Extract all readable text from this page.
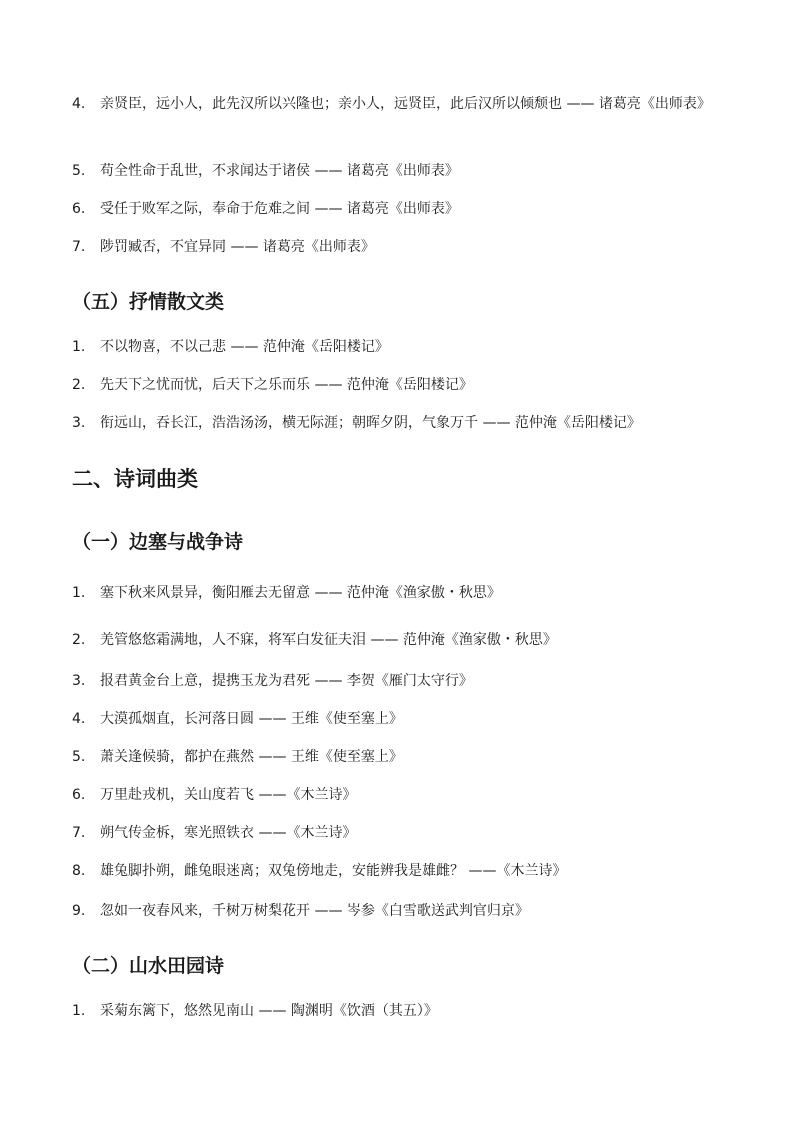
4.	亲贤臣，远小人，此先汉所以兴隆也；亲小人，远贤臣，此后汉所以倾颓也 —— 诸葛亮《出师表》
5.	苟全性命于乱世，不求闻达于诸侯 —— 诸葛亮《出师表》
6.	受任于败军之际，奉命于危难之间 —— 诸葛亮《出师表》
7.	陟罚臧否，不宜异同 —— 诸葛亮《出师表》
（五）抒情散文类
1.	不以物喜，不以己悲 —— 范仲淹《岳阳楼记》
2.	先天下之忧而忧，后天下之乐而乐 —— 范仲淹《岳阳楼记》
3.	衔远山，吞长江，浩浩汤汤，横无际涯；朝晖夕阴，气象万千 —— 范仲淹《岳阳楼记》
二、诗词曲类
（一）边塞与战争诗
1.	塞下秋来风景异，衡阳雁去无留意 —— 范仲淹《渔家傲・秋思》
2.	羌管悠悠霜满地，人不寐，将军白发征夫泪 —— 范仲淹《渔家傲・秋思》
3.	报君黄金台上意，提携玉龙为君死 —— 李贺《雁门太守行》
4.	大漠孤烟直，长河落日圆 —— 王维《使至塞上》
5.	萧关逢候骑，都护在燕然 —— 王维《使至塞上》
6.	万里赴戎机，关山度若飞 ——《木兰诗》
7.	朔气传金柝，寒光照铁衣 ——《木兰诗》
8.	雄兔脚扑朔，雌兔眼迷离；双兔傍地走，安能辨我是雄雌？ ——《木兰诗》
9.	忽如一夜春风来，千树万树梨花开 —— 岑参《白雪歌送武判官归京》
（二）山水田园诗
1.	采菊东篱下，悠然见南山 —— 陶渊明《饮酒（其五）》
